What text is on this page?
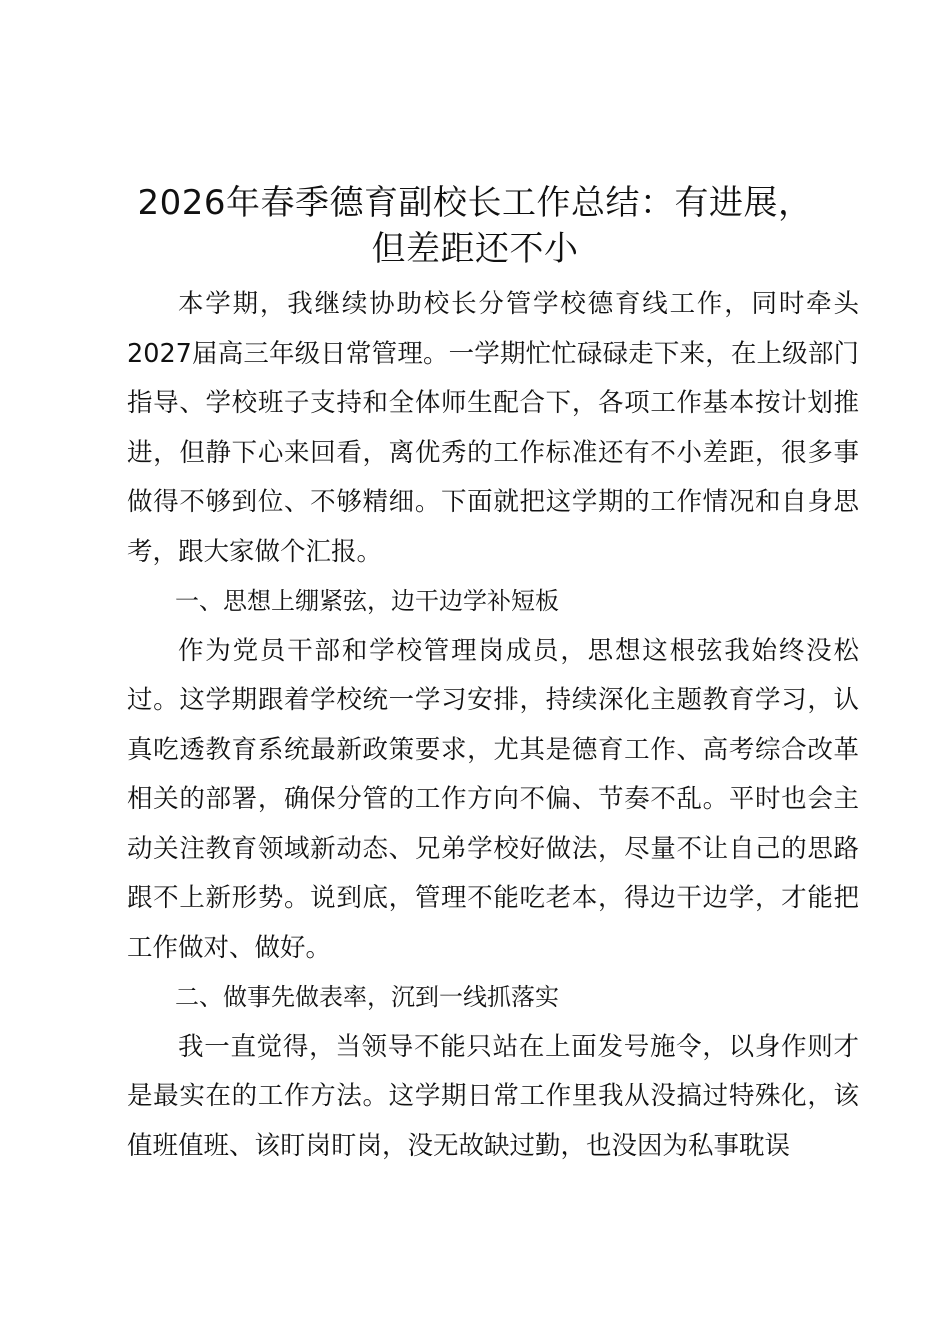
2026年春季德育副校长工作总结：有进展，
但差距还不小

本学期，我继续协助校长分管学校德育线工作，同时牵头2027届高三年级日常管理。一学期忙忙碌碌走下来，在上级部门指导、学校班子支持和全体师生配合下，各项工作基本按计划推进，但静下心来回看，离优秀的工作标准还有不小差距，很多事做得不够到位、不够精细。下面就把这学期的工作情况和自身思考，跟大家做个汇报。

一、思想上绷紧弦，边干边学补短板

作为党员干部和学校管理岗成员，思想这根弦我始终没松过。这学期跟着学校统一学习安排，持续深化主题教育学习，认真吃透教育系统最新政策要求，尤其是德育工作、高考综合改革相关的部署，确保分管的工作方向不偏、节奏不乱。平时也会主动关注教育领域新动态、兄弟学校好做法，尽量不让自己的思路跟不上新形势。说到底，管理不能吃老本，得边干边学，才能把工作做对、做好。

二、做事先做表率，沉到一线抓落实

我一直觉得，当领导不能只站在上面发号施令，以身作则才是最实在的工作方法。这学期日常工作里我从没搞过特殊化，该值班值班、该盯岗盯岗，没无故缺过勤，也没因为私事耽误
